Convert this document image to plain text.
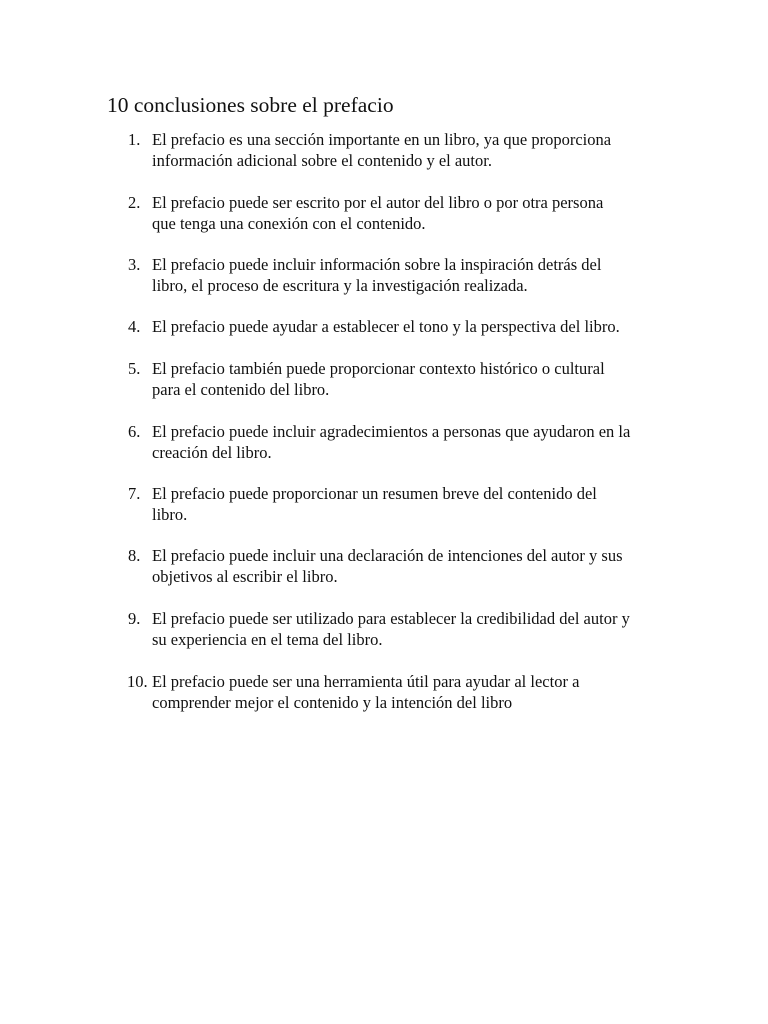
10 conclusiones sobre el prefacio
1. El prefacio es una sección importante en un libro, ya que proporciona
información adicional sobre el contenido y el autor.
2. El prefacio puede ser escrito por el autor del libro o por otra persona
que tenga una conexión con el contenido.
3. El prefacio puede incluir información sobre la inspiración detrás del
libro, el proceso de escritura y la investigación realizada.
4. El prefacio puede ayudar a establecer el tono y la perspectiva del libro.
5. El prefacio también puede proporcionar contexto histórico o cultural
para el contenido del libro.
6. El prefacio puede incluir agradecimientos a personas que ayudaron en la
creación del libro.
7. El prefacio puede proporcionar un resumen breve del contenido del
libro.
8. El prefacio puede incluir una declaración de intenciones del autor y sus
objetivos al escribir el libro.
9. El prefacio puede ser utilizado para establecer la credibilidad del autor y
su experiencia en el tema del libro.
10. El prefacio puede ser una herramienta útil para ayudar al lector a
comprender mejor el contenido y la intención del libro
